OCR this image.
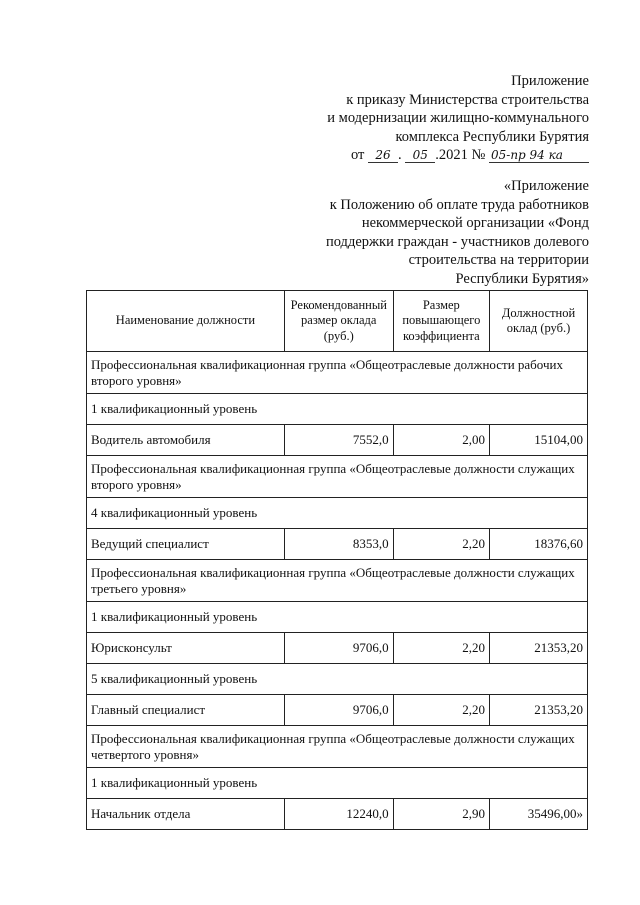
Приложение
к приказу Министерства строительства
и модернизации жилищно-коммунального
комплекса Республики Бурятия
от 26 . 05 .2021 № 05-пр 94 ка
«Приложение
к Положению об оплате труда работников
некоммерческой организации «Фонд
поддержки граждан - участников долевого
строительства на территории
Республики Бурятия»
Наименование должности	Рекомендованный размер оклада (руб.)	Размер повышающего коэффициента	Должностной оклад (руб.)
Профессиональная квалификационная группа «Общеотраслевые должности рабочих второго уровня»			
1 квалификационный уровень			
Водитель автомобиля	7552,0	2,00	15104,00
Профессиональная квалификационная группа «Общеотраслевые должности служащих второго уровня»			
4 квалификационный уровень			
Ведущий специалист	8353,0	2,20	18376,60
Профессиональная квалификационная группа «Общеотраслевые должности служащих третьего уровня»			
1 квалификационный уровень			
Юрисконсульт	9706,0	2,20	21353,20
5 квалификационный уровень			
Главный специалист	9706,0	2,20	21353,20
Профессиональная квалификационная группа «Общеотраслевые должности служащих четвертого уровня»			
1 квалификационный уровень			
Начальник отдела	12240,0	2,90	35496,00»
